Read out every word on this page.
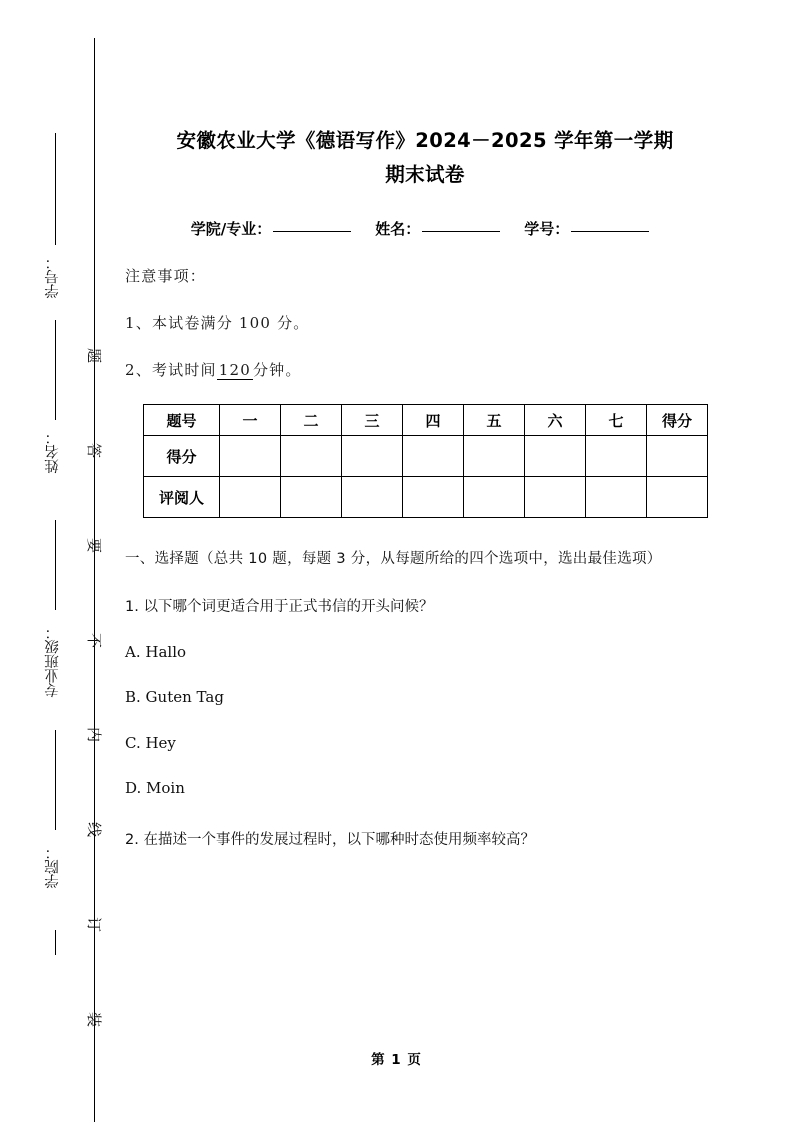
题
答
要
不
内
线
订
装
学号：
姓名：
专业班级：
学院：
安徽农业大学《德语写作》2024－2025 学年第一学期
期末试卷
学院/专业：	姓名：	学号：

注意事项：

1、本试卷满分 100 分。

2、考试时间 120 分钟。

题号	一	二	三	四	五	六	七	得分
得分								
评阅人								
一、选择题（总共 10 题，每题 3 分，从每题所给的四个选项中，选出最佳选项）
1. 以下哪个词更适合用于正式书信的开头问候？
A. Hallo
B. Guten Tag
C. Hey
D. Moin
2. 在描述一个事件的发展过程时，以下哪种时态使用频率较高？
第 1 页
